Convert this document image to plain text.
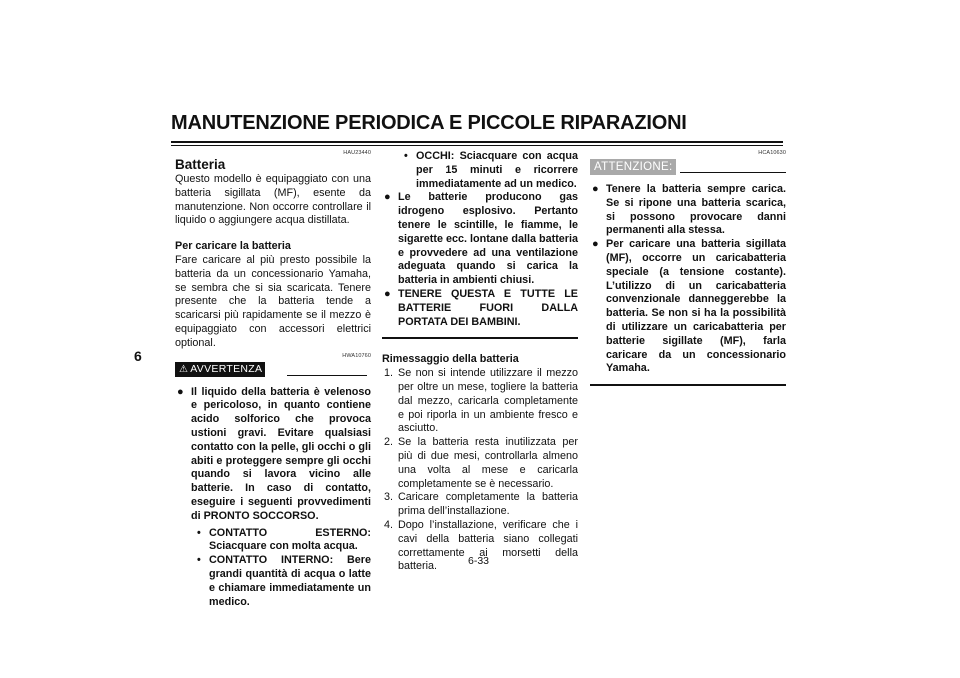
MANUTENZIONE PERIODICA E PICCOLE RIPARAZIONI
6
HAU23440
Batteria

Questo modello è equipaggiato con una batteria sigillata (MF), esente da manutenzione. Non occorre controllare il liquido o aggiungere acqua distillata.

Per caricare la batteria

Fare caricare al più presto possibile la batteria da un concessionario Yamaha, se sembra che si sia scaricata. Tenere presente che la batteria tende a scaricarsi più rapidamente se il mezzo è equipaggiato con accessori elettrici optional.

HWA10760
⚠ AVVERTENZA
● Il liquido della batteria è velenoso e pericoloso, in quanto contiene acido solforico che provoca ustioni gravi. Evitare qualsiasi contatto con la pelle, gli occhi o gli abiti e proteggere sempre gli occhi quando si lavora vicino alle batterie. In caso di contatto, eseguire i seguenti provvedimenti di PRONTO SOCCORSO.
• CONTATTO ESTERNO: Sciacquare con molta acqua.
• CONTATTO INTERNO: Bere grandi quantità di acqua o latte e chiamare immediatamente un medico.
• OCCHI: Sciacquare con acqua per 15 minuti e ricorrere immediatamente ad un medico.
● Le batterie producono gas idrogeno esplosivo. Pertanto tenere le scintille, le fiamme, le sigarette ecc. lontane dalla batteria e provvedere ad una ventilazione adeguata quando si carica la batteria in ambienti chiusi.
● TENERE QUESTA E TUTTE LE BATTERIE FUORI DALLA PORTATA DEI BAMBINI.

Rimessaggio della batteria

1. Se non si intende utilizzare il mezzo per oltre un mese, togliere la batteria dal mezzo, caricarla completamente e poi riporla in un ambiente fresco e asciutto.
2. Se la batteria resta inutilizzata per più di due mesi, controllarla almeno una volta al mese e caricarla completamente se è necessario.
3. Caricare completamente la batteria prima dell’installazione.
4. Dopo l’installazione, verificare che i cavi della batteria siano collegati correttamente ai morsetti della batteria.
HCA10630
ATTENZIONE:
● Tenere la batteria sempre carica. Se si ripone una batteria scarica, si possono provocare danni permanenti alla stessa.
● Per caricare una batteria sigillata (MF), occorre un caricabatteria speciale (a tensione costante). L’utilizzo di un caricabatteria convenzionale danneggerebbe la batteria. Se non si ha la possibilità di utilizzare un caricabatteria per batterie sigillate (MF), farla caricare da un concessionario Yamaha.
6-33
